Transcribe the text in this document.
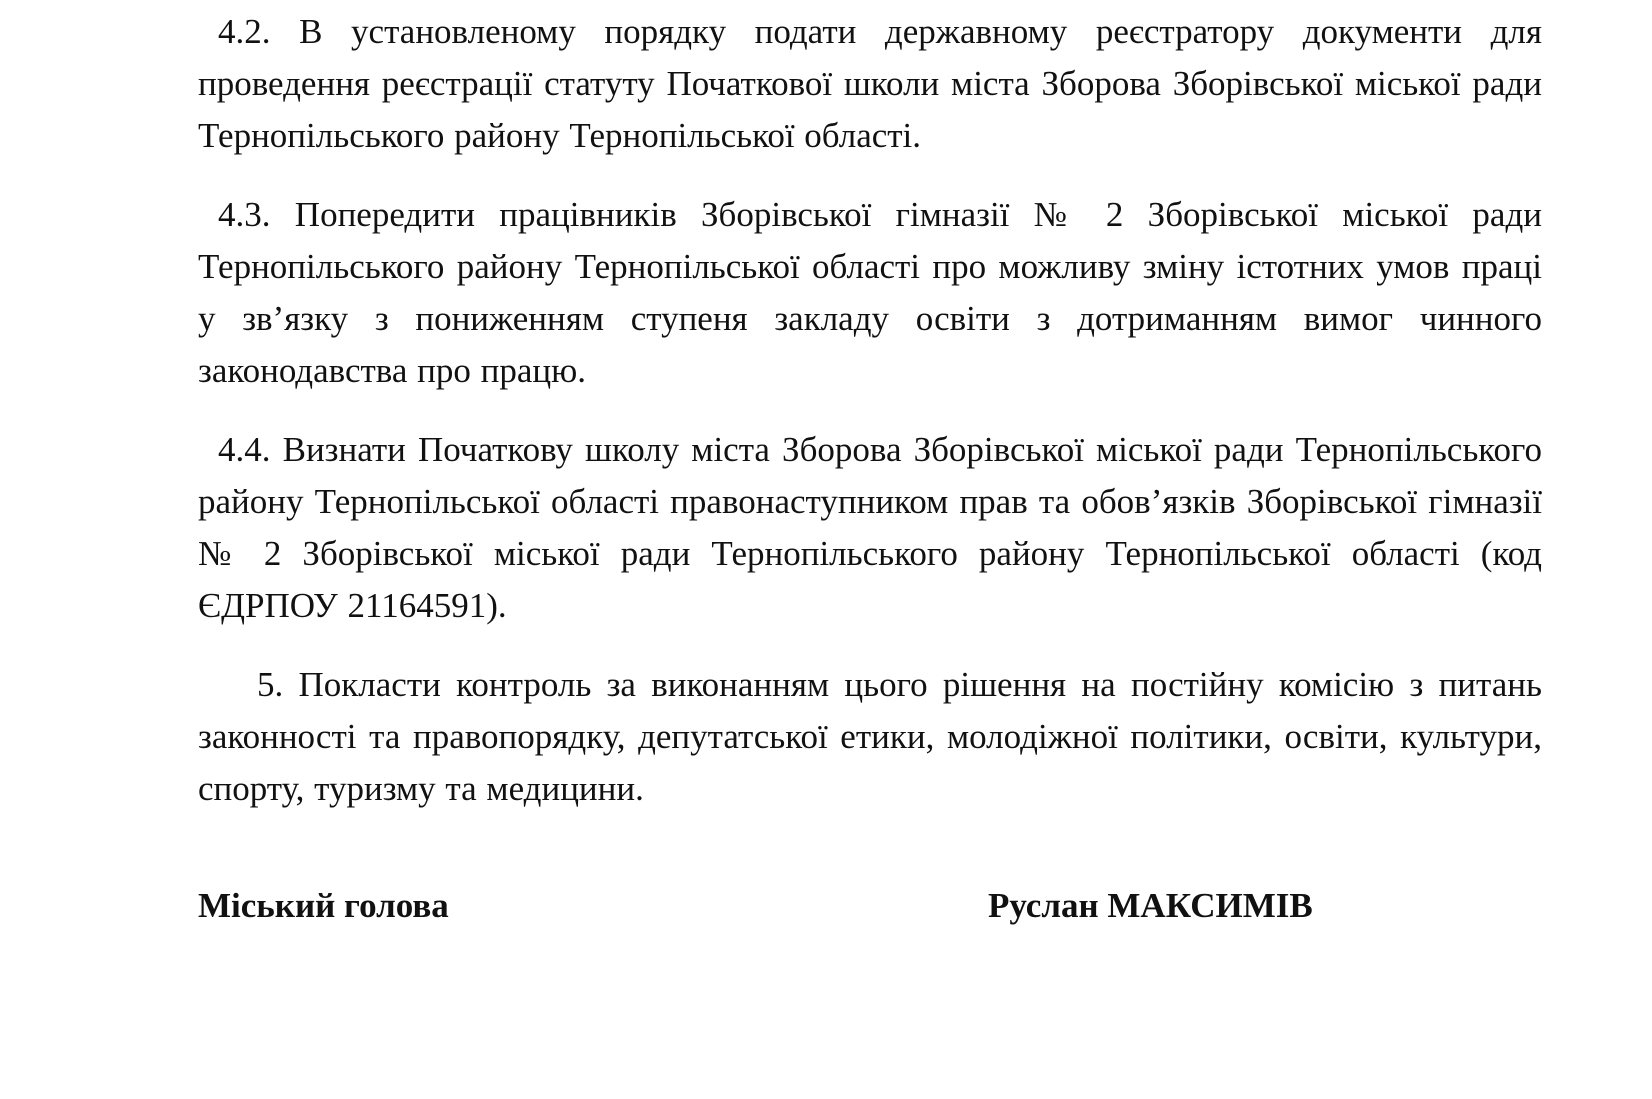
4.2. В установленому порядку подати державному реєстратору документи для проведення реєстрації статуту Початкової школи міста Зборова Зборівської міської ради Тернопільського району Тернопільської області.

4.3. Попередити працівників Зборівської гімназії № 2 Зборівської міської ради Тернопільського району Тернопільської області про можливу зміну істотних умов праці у зв’язку з пониженням ступеня закладу освіти з дотриманням вимог чинного законодавства про працю.

4.4. Визнати Початкову школу міста Зборова Зборівської міської ради Тернопільського району Тернопільської області правонаступником прав та обов’язків Зборівської гімназії № 2 Зборівської міської ради Тернопільського району Тернопільської області (код ЄДРПОУ 21164591).

5. Покласти контроль за виконанням цього рішення на постійну комісію з питань законності та правопорядку, депутатської етики, молодіжної політики, освіти, культури, спорту, туризму та медицини.

Міський голова	Руслан МАКСИМІВ
